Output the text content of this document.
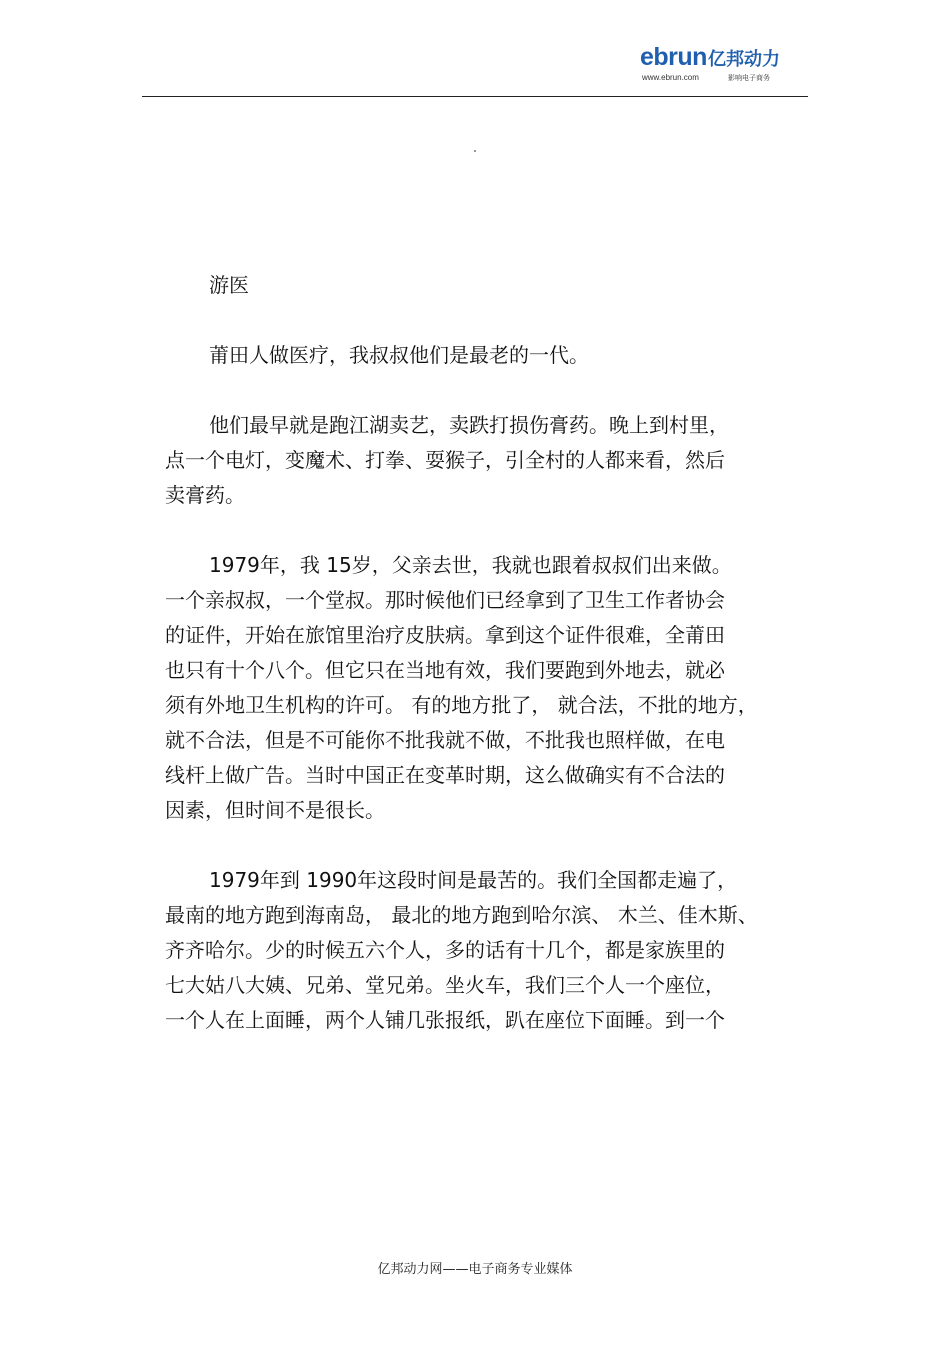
ebrun亿邦动力
www.ebrun.com	影响电子商务

游医

莆田人做医疗，我叔叔他们是最老的一代。

他们最早就是跑江湖卖艺，卖跌打损伤膏药。晚上到村里，
点一个电灯，变魔术、打拳、耍猴子，引全村的人都来看，然后
卖膏药。

1979年，我 15岁，父亲去世，我就也跟着叔叔们出来做。
一个亲叔叔，一个堂叔。那时候他们已经拿到了卫生工作者协会
的证件，开始在旅馆里治疗皮肤病。拿到这个证件很难，全莆田
也只有十个八个。但它只在当地有效，我们要跑到外地去，就必
须有外地卫生机构的许可。 有的地方批了， 就合法，不批的地方，
就不合法，但是不可能你不批我就不做，不批我也照样做，在电
线杆上做广告。当时中国正在变革时期，这么做确实有不合法的
因素，但时间不是很长。

1979年到 1990年这段时间是最苦的。我们全国都走遍了，
最南的地方跑到海南岛， 最北的地方跑到哈尔滨、 木兰、佳木斯、
齐齐哈尔。少的时候五六个人，多的话有十几个，都是家族里的
七大姑八大姨、兄弟、堂兄弟。坐火车，我们三个人一个座位，
一个人在上面睡，两个人铺几张报纸，趴在座位下面睡。到一个

亿邦动力网——电子商务专业媒体
